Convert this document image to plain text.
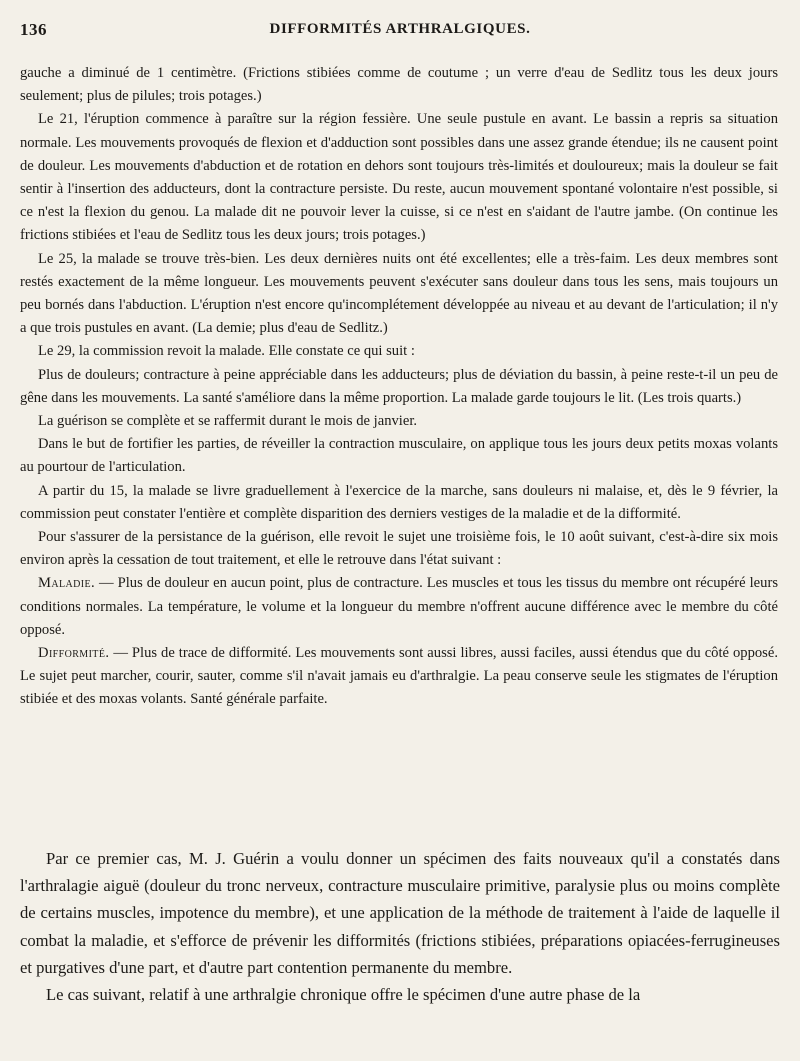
136	DIFFORMITÉS ARTHRALGIQUES.

gauche a diminué de 1 centimètre. (Frictions stibiées comme de coutume ; un verre d'eau de Sedlitz tous les deux jours seulement; plus de pilules; trois potages.)

Le 21, l'éruption commence à paraître sur la région fessière. Une seule pustule en avant. Le bassin a repris sa situation normale. Les mouvements provoqués de flexion et d'adduction sont possibles dans une assez grande étendue; ils ne causent point de douleur. Les mouvements d'abduction et de rotation en dehors sont toujours très-limités et douloureux; mais la douleur se fait sentir à l'insertion des adducteurs, dont la contracture persiste. Du reste, aucun mouvement spontané volontaire n'est possible, si ce n'est la flexion du genou. La malade dit ne pouvoir lever la cuisse, si ce n'est en s'aidant de l'autre jambe. (On continue les frictions stibiées et l'eau de Sedlitz tous les deux jours; trois potages.)

Le 25, la malade se trouve très-bien. Les deux dernières nuits ont été excellentes; elle a très-faim. Les deux membres sont restés exactement de la même longueur. Les mouvements peuvent s'exécuter sans douleur dans tous les sens, mais toujours un peu bornés dans l'abduction. L'éruption n'est encore qu'incomplétement développée au niveau et au devant de l'articulation; il n'y a que trois pustules en avant. (La demie; plus d'eau de Sedlitz.)

Le 29, la commission revoit la malade. Elle constate ce qui suit :

Plus de douleurs; contracture à peine appréciable dans les adducteurs; plus de déviation du bassin, à peine reste-t-il un peu de gêne dans les mouvements. La santé s'améliore dans la même proportion. La malade garde toujours le lit. (Les trois quarts.)

La guérison se complète et se raffermit durant le mois de janvier.

Dans le but de fortifier les parties, de réveiller la contraction musculaire, on applique tous les jours deux petits moxas volants au pourtour de l'articulation.

A partir du 15, la malade se livre graduellement à l'exercice de la marche, sans douleurs ni malaise, et, dès le 9 février, la commission peut constater l'entière et complète disparition des derniers vestiges de la maladie et de la difformité.

Pour s'assurer de la persistance de la guérison, elle revoit le sujet une troisième fois, le 10 août suivant, c'est-à-dire six mois environ après la cessation de tout traitement, et elle le retrouve dans l'état suivant :

Maladie. — Plus de douleur en aucun point, plus de contracture. Les muscles et tous les tissus du membre ont récupéré leurs conditions normales. La température, le volume et la longueur du membre n'offrent aucune différence avec le membre du côté opposé.

Difformité. — Plus de trace de difformité. Les mouvements sont aussi libres, aussi faciles, aussi étendus que du côté opposé. Le sujet peut marcher, courir, sauter, comme s'il n'avait jamais eu d'arthralgie. La peau conserve seule les stigmates de l'éruption stibiée et des moxas volants. Santé générale parfaite.

Par ce premier cas, M. J. Guérin a voulu donner un spécimen des faits nouveaux qu'il a constatés dans l'arthralagie aiguë (douleur du tronc nerveux, contracture musculaire primitive, paralysie plus ou moins complète de certains muscles, impotence du membre), et une application de la méthode de traitement à l'aide de laquelle il combat la maladie, et s'efforce de prévenir les difformités (frictions stibiées, préparations opiacées-ferrugineuses et purgatives d'une part, et d'autre part contention permanente du membre.

Le cas suivant, relatif à une arthralgie chronique offre le spécimen d'une autre phase de la
